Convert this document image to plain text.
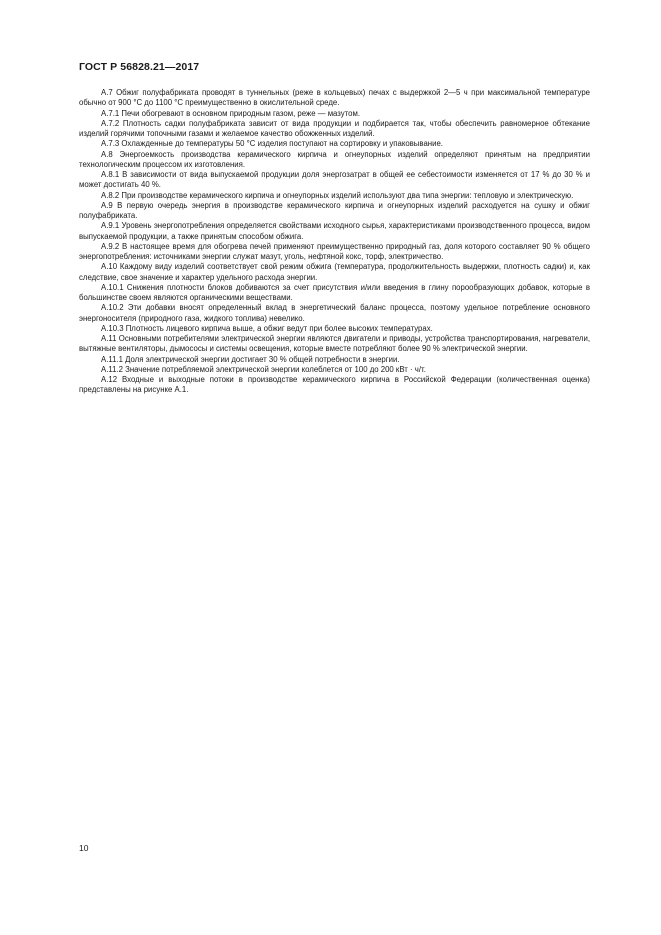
ГОСТ Р 56828.21—2017

А.7 Обжиг полуфабриката проводят в туннельных (реже в кольцевых) печах с выдержкой 2—5 ч при максимальной температуре обычно от 900 °С до 1100 °С преимущественно в окислительной среде.

А.7.1 Печи обогревают в основном природным газом, реже — мазутом.

А.7.2 Плотность садки полуфабриката зависит от вида продукции и подбирается так, чтобы обеспечить равномерное обтекание изделий горячими топочными газами и желаемое качество обожженных изделий.

А.7.3 Охлажденные до температуры 50 °С изделия поступают на сортировку и упаковывание.

А.8 Энергоемкость производства керамического кирпича и огнеупорных изделий определяют принятым на предприятии технологическим процессом их изготовления.

А.8.1 В зависимости от вида выпускаемой продукции доля энергозатрат в общей ее себестоимости изменяется от 17 % до 30 % и может достигать 40 %.

А.8.2 При производстве керамического кирпича и огнеупорных изделий используют два типа энергии: тепловую и электрическую.

А.9 В первую очередь энергия в производстве керамического кирпича и огнеупорных изделий расходуется на сушку и обжиг полуфабриката.

А.9.1 Уровень энергопотребления определяется свойствами исходного сырья, характеристиками производственного процесса, видом выпускаемой продукции, а также принятым способом обжига.

А.9.2 В настоящее время для обогрева печей применяют преимущественно природный газ, доля которого составляет 90 % общего энергопотребления: источниками энергии служат мазут, уголь, нефтяной кокс, торф, электричество.

А.10 Каждому виду изделий соответствует свой режим обжига (температура, продолжительность выдержки, плотность садки) и, как следствие, свое значение и характер удельного расхода энергии.

А.10.1 Снижения плотности блоков добиваются за счет присутствия и/или введения в глину порообразующих добавок, которые в большинстве своем являются органическими веществами.

А.10.2 Эти добавки вносят определенный вклад в энергетический баланс процесса, поэтому удельное потребление основного энергоносителя (природного газа, жидкого топлива) невелико.

А.10.3 Плотность лицевого кирпича выше, а обжиг ведут при более высоких температурах.

А.11 Основными потребителями электрической энергии являются двигатели и приводы, устройства транспортирования, нагреватели, вытяжные вентиляторы, дымососы и системы освещения, которые вместе потребляют более 90 % электрической энергии.

А.11.1 Доля электрической энергии достигает 30 % общей потребности в энергии.

А.11.2 Значение потребляемой электрической энергии колеблется от 100 до 200 кВт · ч/т.

А.12 Входные и выходные потоки в производстве керамического кирпича в Российской Федерации (количественная оценка) представлены на рисунке А.1.

10
